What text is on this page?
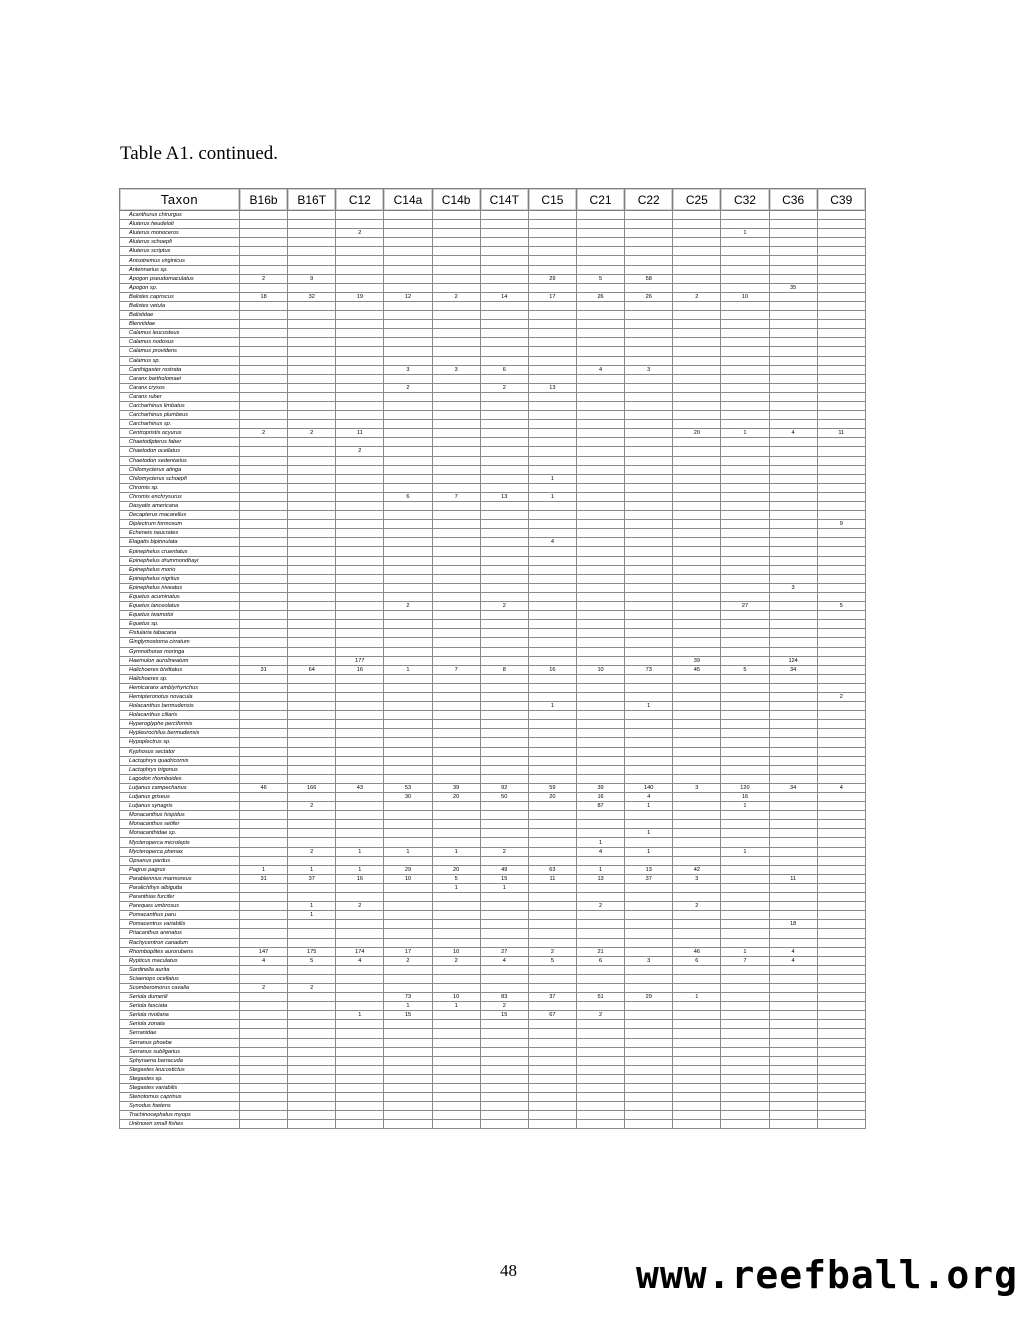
Table A1. continued.
Taxon	B16b	B16T	C12	C14a	C14b	C14T	C15	C21	C22	C25	C32	C36	C39
Acanthurus chirurgus													
Aluterus heudeloti													
Aluterus monoceros			2								1		
Aluterus schoepfi													
Aluterus scriptus													
Anisotremus virginicus													
Antennarius sp.													
Apogon pseudomaculatus	2	9					29	5	58				
Apogon sp.												35	
Balistes capriscus	18	32	19	12	2	14	17	26	26	2	10		
Balistes vetula													
Balistidae													
Blenniidae													
Calamus leucosteus													
Calamus nodosus													
Calamus providens													
Calamus sp.													
Canthigaster rostrata				3	3	6		4	3				
Caranx bartholomaei													
Caranx crysos				2		2	13						
Caranx ruber													
Carcharhinus limbatus													
Carcharhinus plumbeus													
Carcharhinus sp.													
Centropristis ocyurus	2	2	11							20	1	4	11
Chaetodipterus faber													
Chaetodon ocellatus			2										
Chaetodon sedentarius													
Chilomycterus atinga													
Chilomycterus schoepfi							1						
Chromis sp.													
Chromis enchrysurus				6	7	13	1						
Dasyatis americana													
Decapterus macarellus													
Diplectrum formosum													9
Echeneis naucrates													
Elagatis bipinnulata							4						
Epinephelus cruentatus													
Epinephelus drummondhayi													
Epinephelus morio													
Epinephelus nigritus													
Epinephelus niveatus												3	
Equetus acuminatus													
Equetus lanceolatus				2		2					27		5
Equetus iwamotoi													
Equetus sp.													
Fistularia tabacaria													
Ginglymostoma cirratum													
Gymnothorax moringa													
Haemulon aurolineatum			177							39		124	
Halichoeres bivittatus	31	64	16	1	7	8	16	10	73	45	5	34	
Halichoeres sp.													
Hemicaranx amblyrhynchus													
Hemipteronotus novacula													2
Holacanthus bermudensis							1		1				
Holacanthus ciliaris													
Hyperoglyphe perciformis													
Hypleurochilus bermudensis													
Hypoplectrus sp.													
Kyphosus sectator													
Lactophrys quadricornis													
Lactophrys trigonus													
Lagodon rhomboides													
Lutjanus campechanus	46	166	43	53	39	92	59	39	140	3	120	34	4
Lutjanus griseus				30	20	50	20	16	4		16		
Lutjanus synagris		2						87	1		1		
Monacanthus hispidus													
Monacanthus setifer													
Monacanthidae sp.									1				
Mycteroperca microlepis								1					
Mycteroperca phenax		2	1	1	1	2		4	1		1		
Opsanus pardus													
Pagrus pagrus	1	1	1	29	20	49	63	1	13	42			
Parablennius marmoreus	31	37	16	10	5	15	11	13	37	3		11	
Paralichthys albigutta					1	1							
Paranthias furcifer													
Pareques umbrosus		1	2					2		2			
Pomacanthus paru		1											
Pomacentrus variabilis												18	
Priacanthus arenatus													
Rachycentron canadum													
Rhomboplites aurorubens	147	175	174	17	10	27	2	21		46	1	4	
Rypticus maculatus	4	5	4	2	2	4	5	6	3	6	7	4	
Sardinella aurita													
Sciaenops ocellatus													
Scomberomorus cavalla	2	2											
Seriola dumerili				73	10	83	37	51	29	1			
Seriola fasciata				1	1	2							
Seriola rivoliana			1	15		15	67	2					
Seriola zonata													
Serranidae													
Serranus phoebe													
Serranus subligarius													
Sphyraena barracuda													
Stegastes leucostictus													
Stegastes sp.													
Stegastes variabilis													
Stenotomus caprinus													
Synodus foetens													
Trachinocephalus myops													
Unknown small fishes													
48	www.reefball.org
